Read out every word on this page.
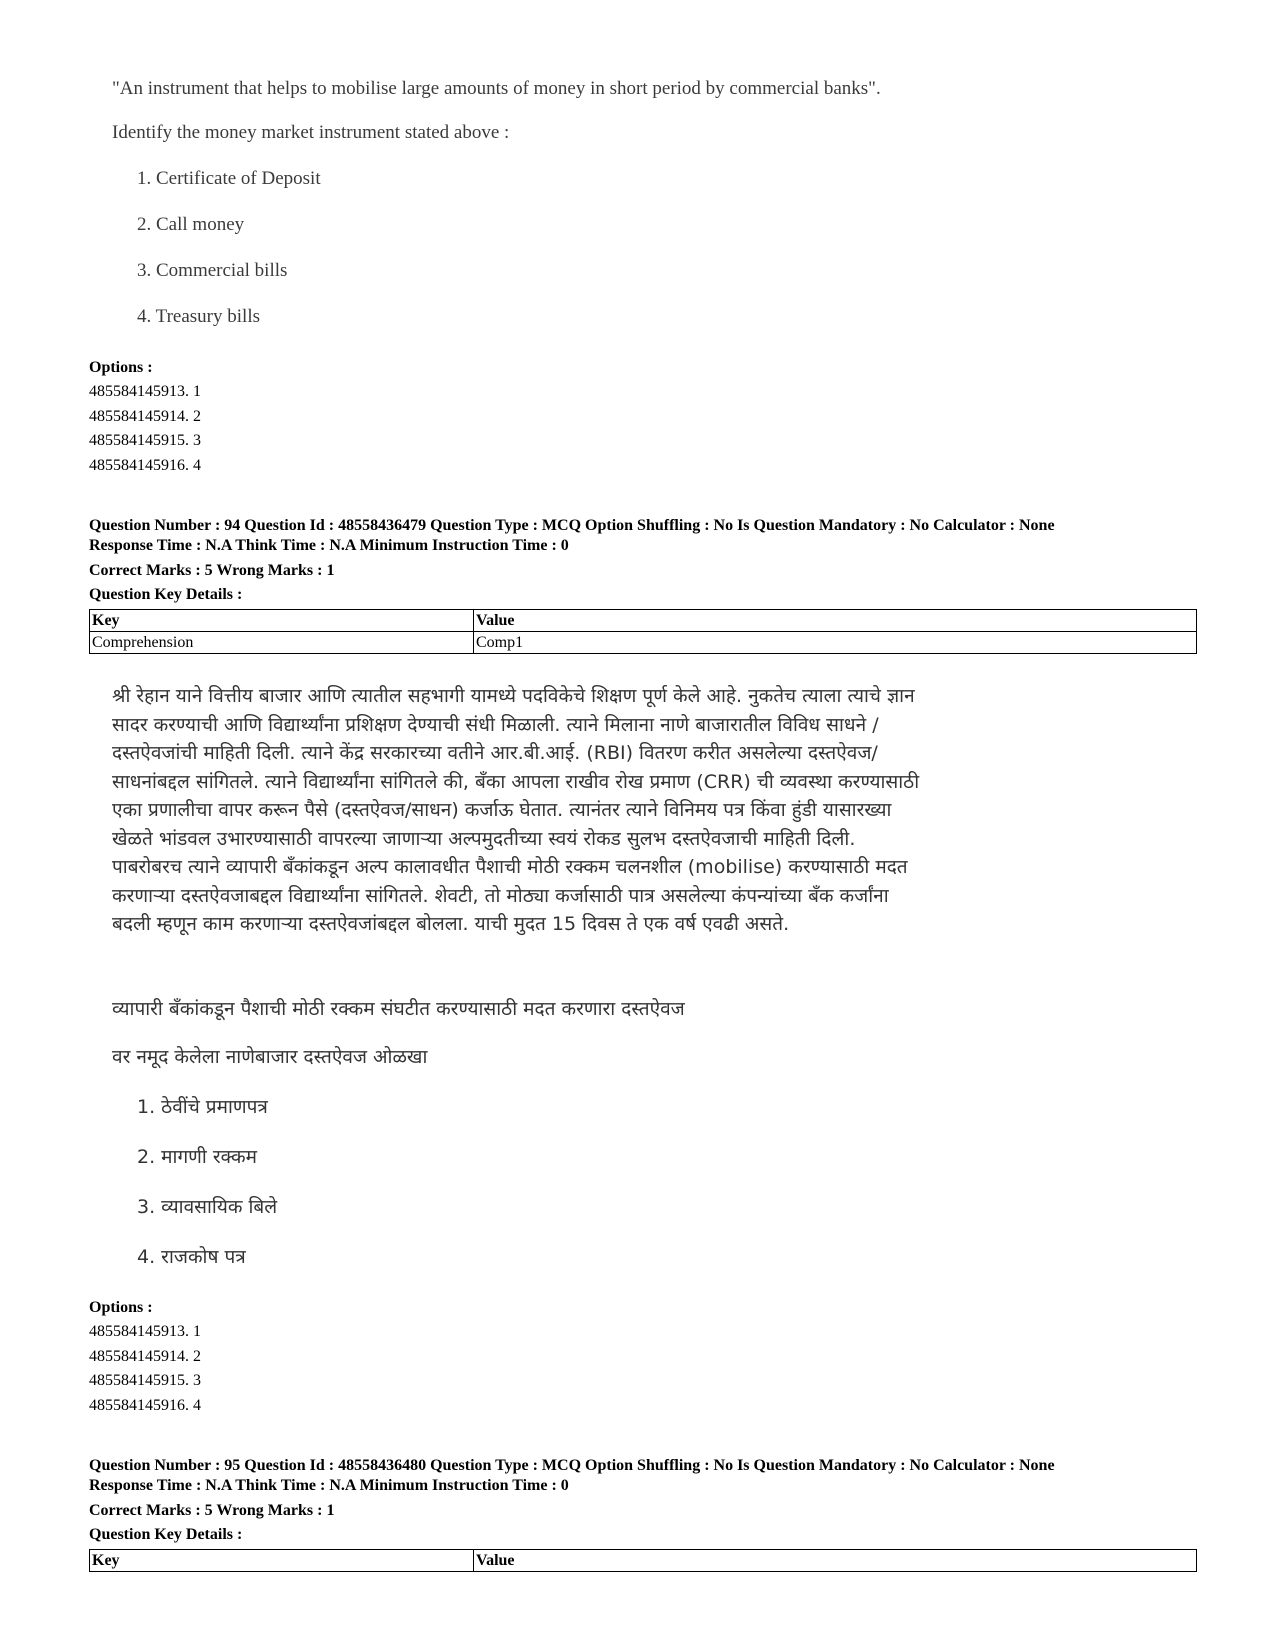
"An instrument that helps to mobilise large amounts of money in short period by commercial banks".
Identify the money market instrument stated above :
1. Certificate of Deposit
2. Call money
3. Commercial bills
4. Treasury bills
Options :
485584145913. 1
485584145914. 2
485584145915. 3
485584145916. 4
Question Number : 94 Question Id : 48558436479 Question Type : MCQ Option Shuffling : No Is Question Mandatory : No Calculator : None
Response Time : N.A Think Time : N.A Minimum Instruction Time : 0
Correct Marks : 5 Wrong Marks : 1
Question Key Details :
Key	Value
Comprehension	Comp1
श्री रेहान याने वित्तीय बाजार आणि त्यातील सहभागी यामध्ये पदविकेचे शिक्षण पूर्ण केले आहे. नुकतेच त्याला त्याचे ज्ञान
सादर करण्याची आणि विद्यार्थ्यांना प्रशिक्षण देण्याची संधी मिळाली. त्याने मिलाना नाणे बाजारातील विविध साधने /
दस्तऐवजांची माहिती दिली. त्याने केंद्र सरकारच्या वतीने आर.बी.आई. (RBI) वितरण करीत असलेल्या दस्तऐवज/
साधनांबद्दल सांगितले. त्याने विद्यार्थ्यांना सांगितले की, बँका आपला राखीव रोख प्रमाण (CRR) ची व्यवस्था करण्यासाठी
एका प्रणालीचा वापर करून पैसे (दस्तऐवज/साधन) कर्जाऊ घेतात. त्यानंतर त्याने विनिमय पत्र किंवा हुंडी यासारख्या
खेळते भांडवल उभारण्यासाठी वापरल्या जाणाऱ्या अल्पमुदतीच्या स्वयं रोकड सुलभ दस्तऐवजाची माहिती दिली.
पाबरोबरच त्याने व्यापारी बँकांकडून अल्प कालावधीत पैशाची मोठी रक्कम चलनशील (mobilise) करण्यासाठी मदत
करणाऱ्या दस्तऐवजाबद्दल विद्यार्थ्यांना सांगितले. शेवटी, तो मोठ्या कर्जासाठी पात्र असलेल्या कंपन्यांच्या बँक कर्जांना
बदली म्हणून काम करणाऱ्या दस्तऐवजांबद्दल बोलला. याची मुदत 15 दिवस ते एक वर्ष एवढी असते.
व्यापारी बँकांकडून पैशाची मोठी रक्कम संघटीत करण्यासाठी मदत करणारा दस्तऐवज
वर नमूद केलेला नाणेबाजार दस्तऐवज ओळखा
1. ठेवींचे प्रमाणपत्र
2. मागणी रक्कम
3. व्यावसायिक बिले
4. राजकोष पत्र
Options :
485584145913. 1
485584145914. 2
485584145915. 3
485584145916. 4
Question Number : 95 Question Id : 48558436480 Question Type : MCQ Option Shuffling : No Is Question Mandatory : No Calculator : None
Response Time : N.A Think Time : N.A Minimum Instruction Time : 0
Correct Marks : 5 Wrong Marks : 1
Question Key Details :
Key	Value
